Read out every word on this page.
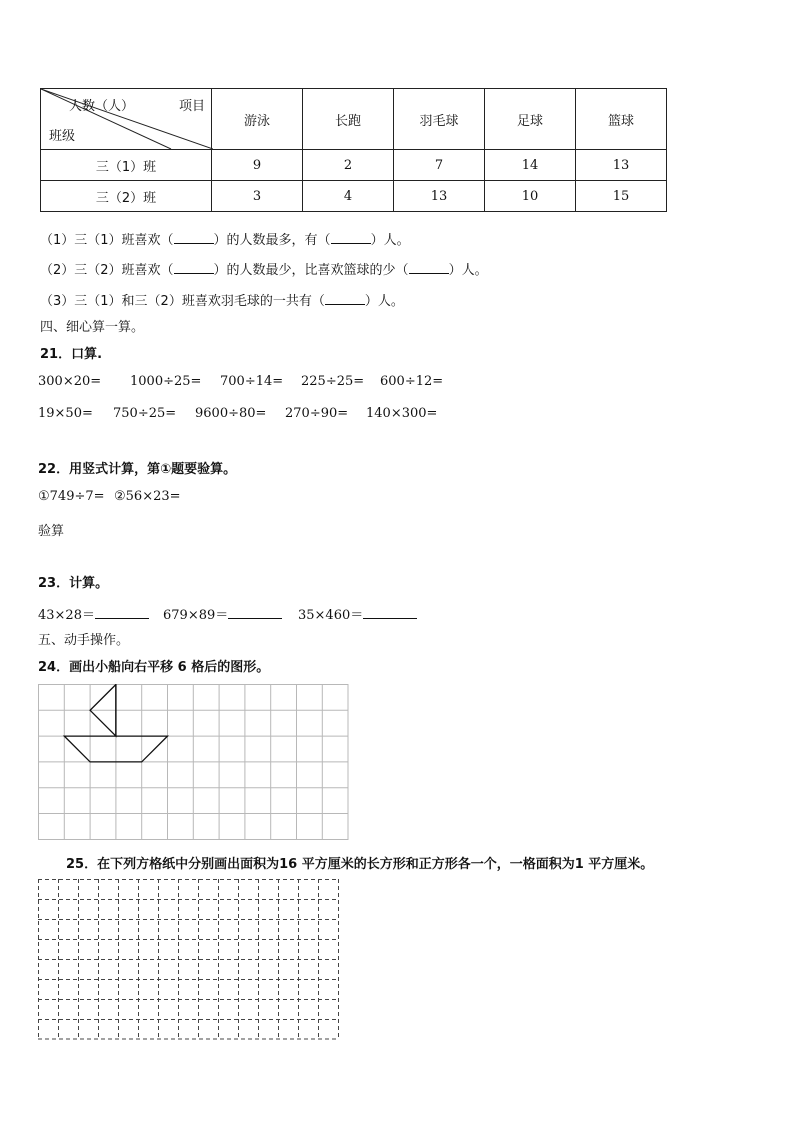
人数（人） 项目
班级	游泳	长跑	羽毛球	足球	篮球
三（1）班	9	2	7	14	13
三（2）班	3	4	13	10	15
（1）三（1）班喜欢（	）的人数最多，有（	）人。
（2）三（2）班喜欢（	）的人数最少，比喜欢篮球的少（	）人。
（3）三（1）和三（2）班喜欢羽毛球的一共有（	）人。
四、细心算一算。
21．口算.
300×20= 1000÷25= 700÷14= 225÷25= 600÷12=
19×50= 750÷25= 9600÷80= 270÷90= 140×300=
22．用竖式计算，第①题要验算。
①749÷7= ②56×23=
验算
23．计算。
43×28＝	679×89＝	35×460＝
五、动手操作。
24．画出小船向右平移 6 格后的图形。
25．在下列方格纸中分别画出面积为16 平方厘米的长方形和正方形各一个，一格面积为1 平方厘米。
